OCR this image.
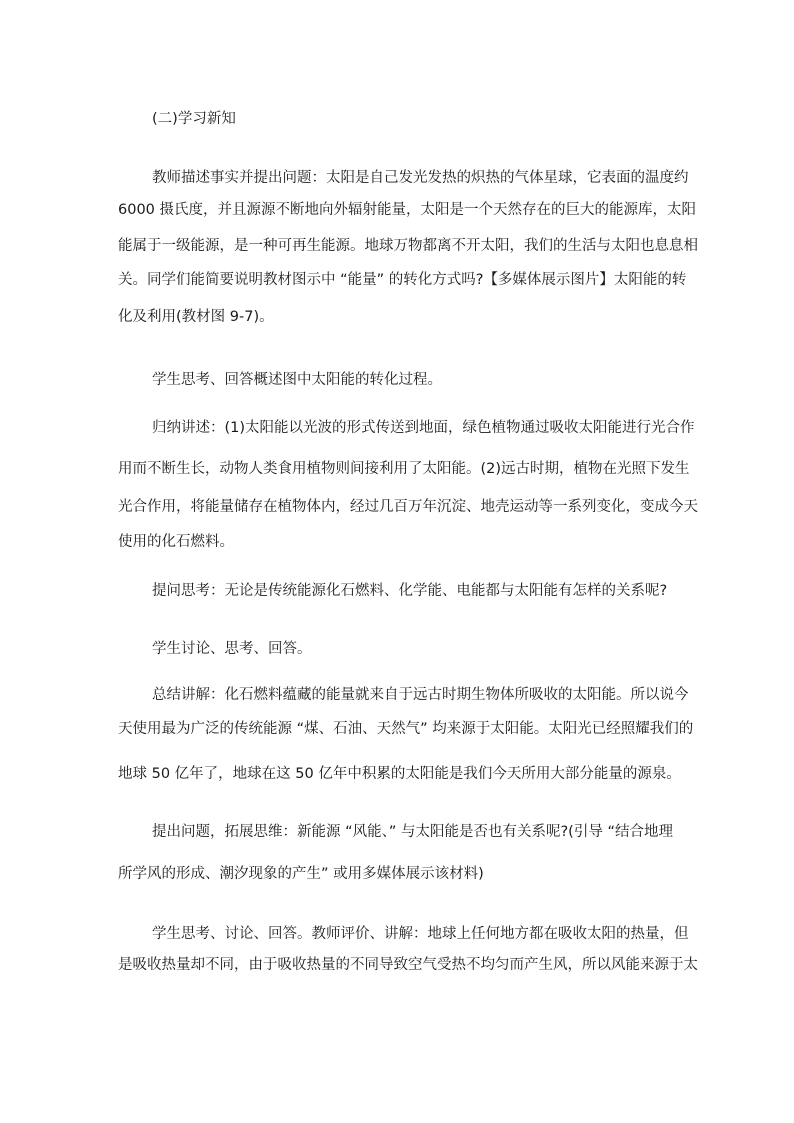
(二)学习新知
教师描述事实并提出问题：太阳是自己发光发热的炽热的气体星球，它表面的温度约
6000 摄氏度，并且源源不断地向外辐射能量，太阳是一个天然存在的巨大的能源库，太阳
能属于一级能源，是一种可再生能源。地球万物都离不开太阳，我们的生活与太阳也息息相
关。同学们能简要说明教材图示中 “能量” 的转化方式吗?【多媒体展示图片】太阳能的转
化及利用(教材图 9-7)。
学生思考、回答概述图中太阳能的转化过程。
归纳讲述：(1)太阳能以光波的形式传送到地面，绿色植物通过吸收太阳能进行光合作
用而不断生长，动物人类食用植物则间接利用了太阳能。(2)远古时期，植物在光照下发生
光合作用，将能量储存在植物体内，经过几百万年沉淀、地壳运动等一系列变化，变成今天
使用的化石燃料。
提问思考：无论是传统能源化石燃料、化学能、电能都与太阳能有怎样的关系呢?
学生讨论、思考、回答。
总结讲解：化石燃料蕴藏的能量就来自于远古时期生物体所吸收的太阳能。所以说今
天使用最为广泛的传统能源 “煤、石油、天然气” 均来源于太阳能。太阳光已经照耀我们的
地球 50 亿年了，地球在这 50 亿年中积累的太阳能是我们今天所用大部分能量的源泉。
提出问题，拓展思维：新能源 “风能、” 与太阳能是否也有关系呢?(引导 “结合地理
所学风的形成、潮汐现象的产生” 或用多媒体展示该材料)
学生思考、讨论、回答。教师评价、讲解：地球上任何地方都在吸收太阳的热量，但
是吸收热量却不同，由于吸收热量的不同导致空气受热不均匀而产生风，所以风能来源于太
